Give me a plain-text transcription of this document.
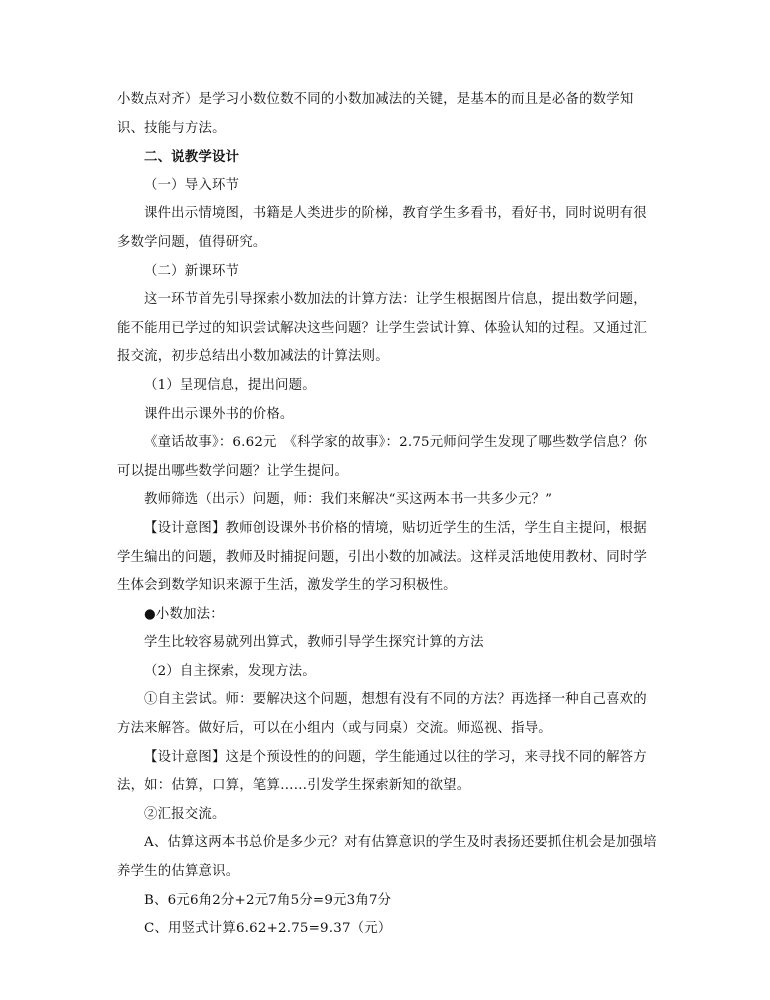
小数点对齐）是学习小数位数不同的小数加减法的关键，是基本的而且是必备的数学知识、技能与方法。

二、说教学设计

（一）导入环节

课件出示情境图，书籍是人类进步的阶梯，教育学生多看书，看好书，同时说明有很多数学问题，值得研究。

（二）新课环节

这一环节首先引导探索小数加法的计算方法：让学生根据图片信息，提出数学问题，能不能用已学过的知识尝试解决这些问题？让学生尝试计算、体验认知的过程。又通过汇报交流，初步总结出小数加减法的计算法则。

（1）呈现信息，提出问题。

课件出示课外书的价格。

《童话故事》：6.62元　《科学家的故事》：2.75元师问学生发现了哪些数学信息？你可以提出哪些数学问题？让学生提问。

教师筛选（出示）问题，师：我们来解决“买这两本书一共多少元？”

【设计意图】教师创设课外书价格的情境，贴切近学生的生活，学生自主提问，根据学生编出的问题，教师及时捕捉问题，引出小数的加减法。这样灵活地使用教材、同时学生体会到数学知识来源于生活，激发学生的学习积极性。

●小数加法：

学生比较容易就列出算式，教师引导学生探究计算的方法

（2）自主探索，发现方法。

①自主尝试。师：要解决这个问题，想想有没有不同的方法？再选择一种自己喜欢的方法来解答。做好后，可以在小组内（或与同桌）交流。师巡视、指导。

【设计意图】这是个预设性的的问题，学生能通过以往的学习，来寻找不同的解答方法，如：估算，口算，笔算……引发学生探索新知的欲望。

②汇报交流。

A、估算这两本书总价是多少元？对有估算意识的学生及时表扬还要抓住机会是加强培养学生的估算意识。

B、6元6角2分+2元7角5分=9元3角7分

C、用竖式计算6.62+2.75=9.37（元）
